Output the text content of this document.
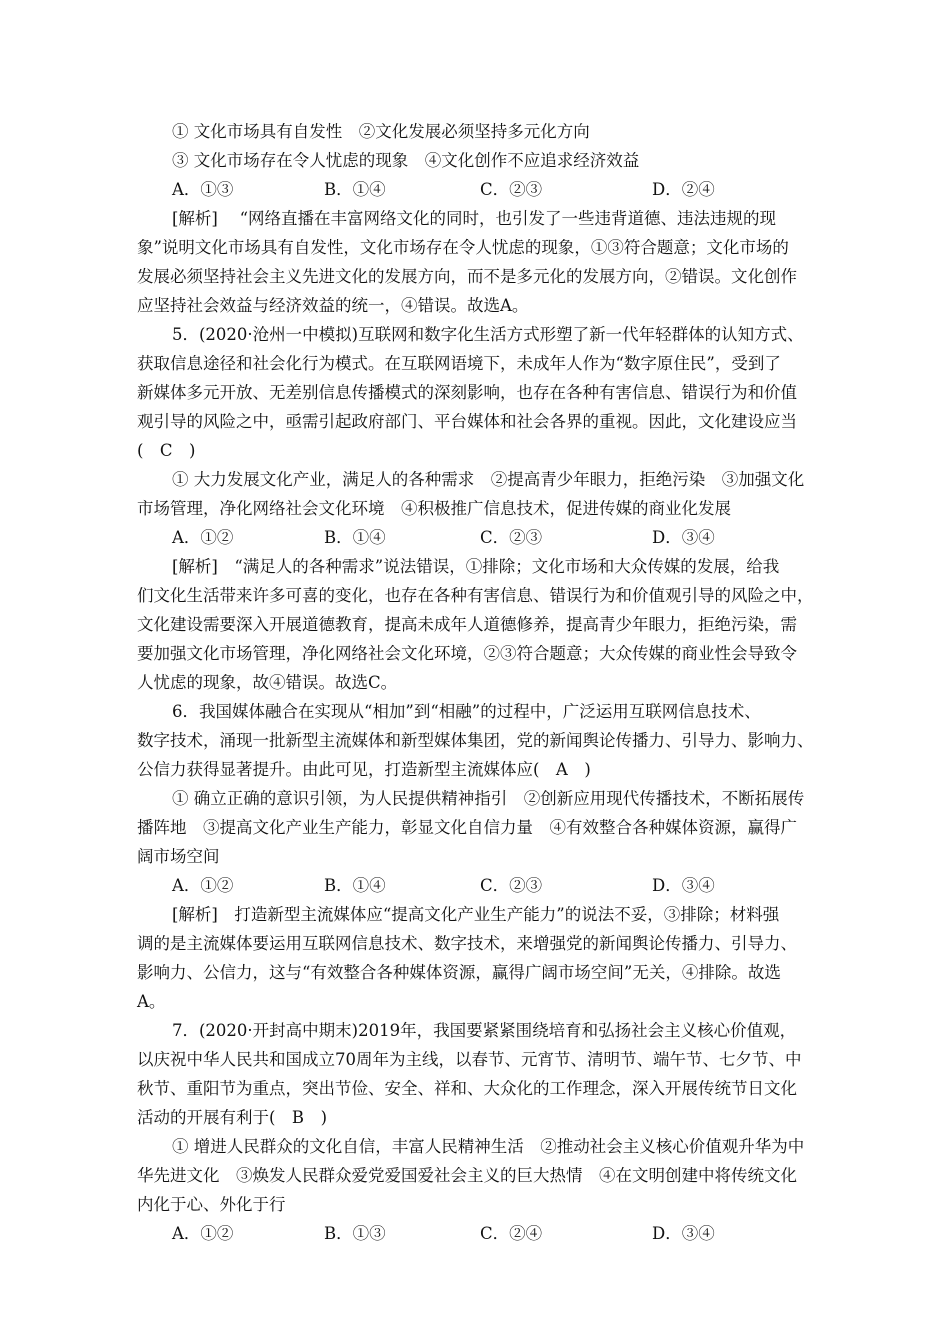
① 文化市场具有自发性　②文化发展必须坚持多元化方向
③ 文化市场存在令人忧虑的现象　④文化创作不应追求经济效益
A．①③	B．①④	C．②③	D．②④
[解析]　 “网络直播在丰富网络文化的同时，也引发了一些违背道德、违法违规的现
象”说明文化市场具有自发性，文化市场存在令人忧虑的现象，①③符合题意；文化市场的
发展必须坚持社会主义先进文化的发展方向，而不是多元化的发展方向，②错误。文化创作
应坚持社会效益与经济效益的统一，④错误。故选A。
5．(2020·沧州一中模拟)互联网和数字化生活方式形塑了新一代年轻群体的认知方式、
获取信息途径和社会化行为模式。在互联网语境下，未成年人作为“数字原住民”，受到了
新媒体多元开放、无差别信息传播模式的深刻影响，也存在各种有害信息、错误行为和价值
观引导的风险之中，亟需引起政府部门、平台媒体和社会各界的重视。因此，文化建设应当
(　C　)
① 大力发展文化产业，满足人的各种需求　②提高青少年眼力，拒绝污染　③加强文化
市场管理，净化网络社会文化环境　④积极推广信息技术，促进传媒的商业化发展
A．①②	B．①④	C．②③	D．③④
[解析]　“满足人的各种需求”说法错误，①排除；文化市场和大众传媒的发展，给我
们文化生活带来许多可喜的变化，也存在各种有害信息、错误行为和价值观引导的风险之中，
文化建设需要深入开展道德教育，提高未成年人道德修养，提高青少年眼力，拒绝污染，需
要加强文化市场管理，净化网络社会文化环境，②③符合题意；大众传媒的商业性会导致令
人忧虑的现象，故④错误。故选C。
6．我国媒体融合在实现从“相加”到“相融”的过程中，广泛运用互联网信息技术、
数字技术，涌现一批新型主流媒体和新型媒体集团，党的新闻舆论传播力、引导力、影响力、
公信力获得显著提升。由此可见，打造新型主流媒体应(　A　)
① 确立正确的意识引领，为人民提供精神指引　②创新应用现代传播技术，不断拓展传
播阵地　③提高文化产业生产能力，彰显文化自信力量　④有效整合各种媒体资源，赢得广
阔市场空间
A．①②	B．①④	C．②③	D．③④
[解析]　打造新型主流媒体应“提高文化产业生产能力”的说法不妥，③排除；材料强
调的是主流媒体要运用互联网信息技术、数字技术，来增强党的新闻舆论传播力、引导力、
影响力、公信力，这与“有效整合各种媒体资源，赢得广阔市场空间”无关，④排除。故选
A。
7．(2020·开封高中期末)2019年，我国要紧紧围绕培育和弘扬社会主义核心价值观，
以庆祝中华人民共和国成立70周年为主线，以春节、元宵节、清明节、端午节、七夕节、中
秋节、重阳节为重点，突出节俭、安全、祥和、大众化的工作理念，深入开展传统节日文化
活动的开展有利于(　B　)
① 增进人民群众的文化自信，丰富人民精神生活　②推动社会主义核心价值观升华为中
华先进文化　③焕发人民群众爱党爱国爱社会主义的巨大热情　④在文明创建中将传统文化
内化于心、外化于行
A．①②	B．①③	C．②④	D．③④
